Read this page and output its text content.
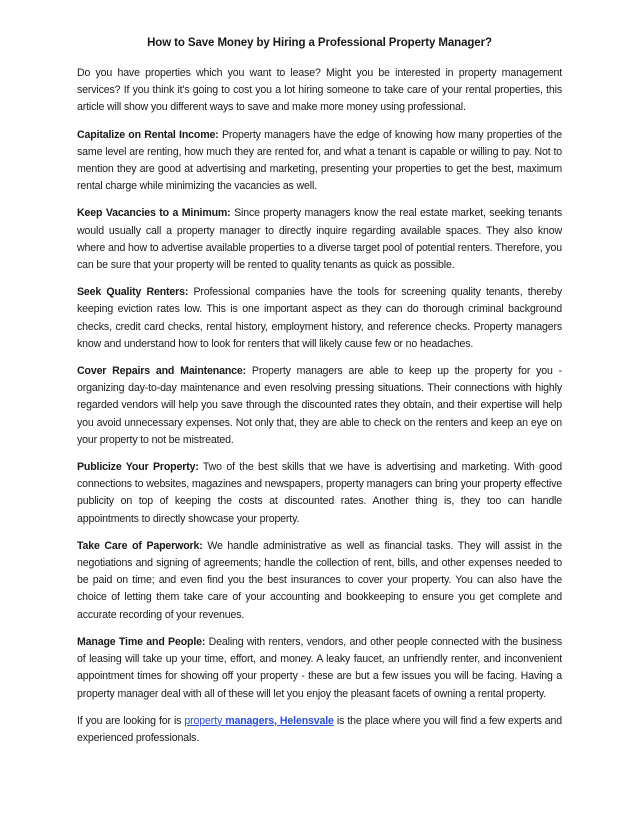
How to Save Money by Hiring a Professional Property Manager?

Do you have properties which you want to lease? Might you be interested in property management services? If you think it's going to cost you a lot hiring someone to take care of your rental properties, this article will show you different ways to save and make more money using professional.

Capitalize on Rental Income: Property managers have the edge of knowing how many properties of the same level are renting, how much they are rented for, and what a tenant is capable or willing to pay. Not to mention they are good at advertising and marketing, presenting your properties to get the best, maximum rental charge while minimizing the vacancies as well.

Keep Vacancies to a Minimum: Since property managers know the real estate market, seeking tenants would usually call a property manager to directly inquire regarding available spaces. They also know where and how to advertise available properties to a diverse target pool of potential renters. Therefore, you can be sure that your property will be rented to quality tenants as quick as possible.

Seek Quality Renters: Professional companies have the tools for screening quality tenants, thereby keeping eviction rates low. This is one important aspect as they can do thorough criminal background checks, credit card checks, rental history, employment history, and reference checks. Property managers know and understand how to look for renters that will likely cause few or no headaches.

Cover Repairs and Maintenance: Property managers are able to keep up the property for you - organizing day-to-day maintenance and even resolving pressing situations. Their connections with highly regarded vendors will help you save through the discounted rates they obtain, and their expertise will help you avoid unnecessary expenses. Not only that, they are able to check on the renters and keep an eye on your property to not be mistreated.

Publicize Your Property: Two of the best skills that we have is advertising and marketing. With good connections to websites, magazines and newspapers, property managers can bring your property effective publicity on top of keeping the costs at discounted rates. Another thing is, they too can handle appointments to directly showcase your property.

Take Care of Paperwork: We handle administrative as well as financial tasks. They will assist in the negotiations and signing of agreements; handle the collection of rent, bills, and other expenses needed to be paid on time; and even find you the best insurances to cover your property. You can also have the choice of letting them take care of your accounting and bookkeeping to ensure you get complete and accurate recording of your revenues.

Manage Time and People: Dealing with renters, vendors, and other people connected with the business of leasing will take up your time, effort, and money. A leaky faucet, an unfriendly renter, and inconvenient appointment times for showing off your property - these are but a few issues you will be facing. Having a property manager deal with all of these will let you enjoy the pleasant facets of owning a rental property.

If you are looking for is property managers, Helensvale is the place where you will find a few experts and experienced professionals.
